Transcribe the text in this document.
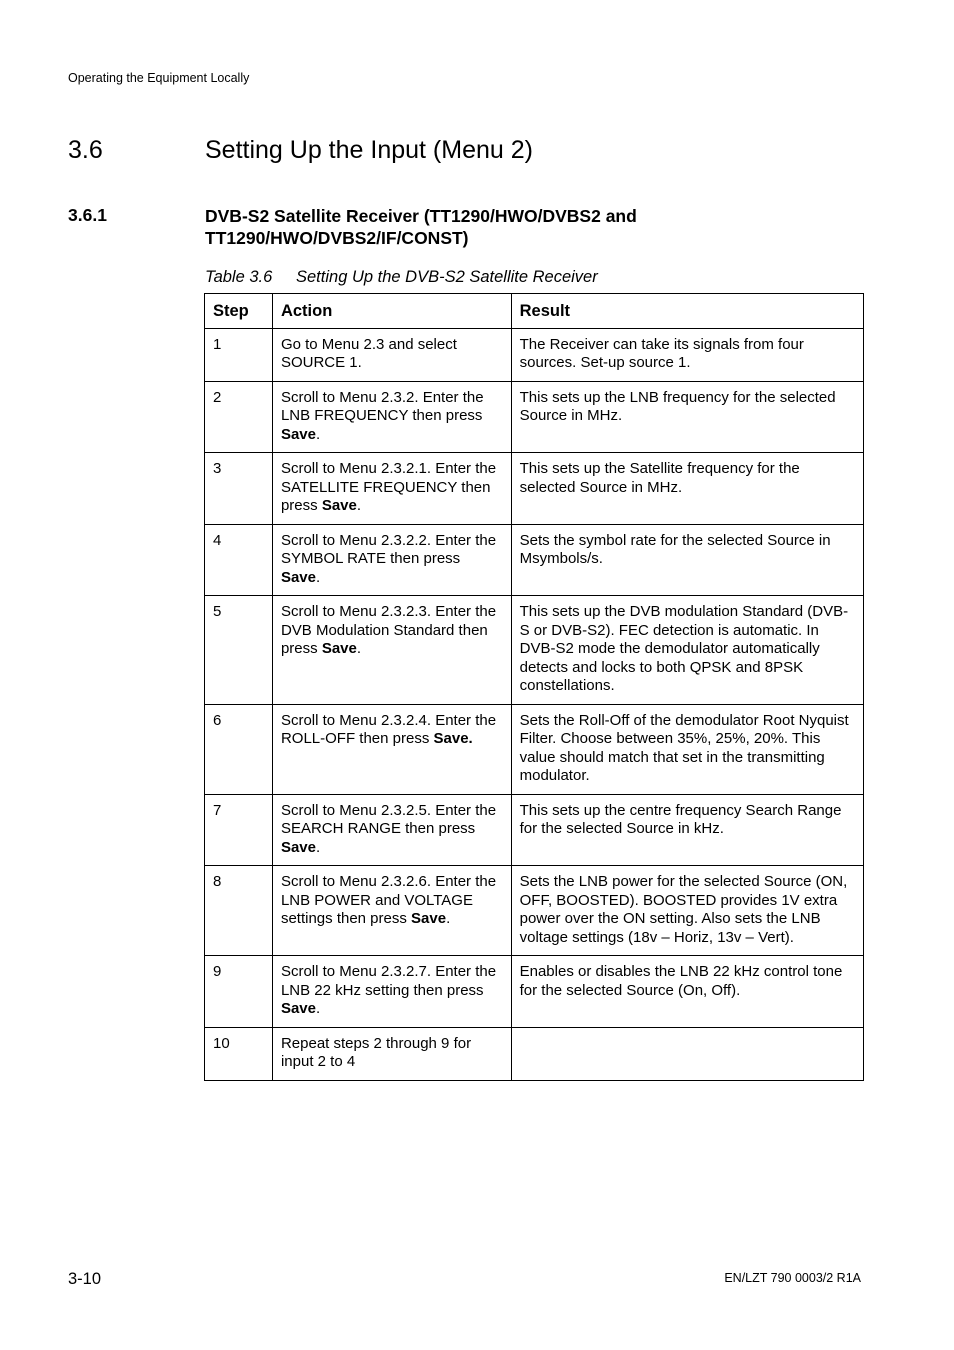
Operating the Equipment Locally
3.6	Setting Up the Input (Menu 2)
3.6.1	DVB-S2 Satellite Receiver (TT1290/HWO/DVBS2 and TT1290/HWO/DVBS2/IF/CONST)
Table 3.6 Setting Up the DVB-S2 Satellite Receiver
Step	Action	Result
1	Go to Menu 2.3 and select SOURCE 1.	The Receiver can take its signals from four sources. Set-up source 1.
2	Scroll to Menu 2.3.2. Enter the LNB FREQUENCY then press Save.	This sets up the LNB frequency for the selected Source in MHz.
3	Scroll to Menu 2.3.2.1. Enter the SATELLITE FREQUENCY then press Save.	This sets up the Satellite frequency for the selected Source in MHz.
4	Scroll to Menu 2.3.2.2. Enter the SYMBOL RATE then press Save.	Sets the symbol rate for the selected Source in Msymbols/s.
5	Scroll to Menu 2.3.2.3. Enter the DVB Modulation Standard then press Save.	This sets up the DVB modulation Standard (DVB-S or DVB-S2). FEC detection is automatic. In DVB-S2 mode the demodulator automatically detects and locks to both QPSK and 8PSK constellations.
6	Scroll to Menu 2.3.2.4. Enter the ROLL-OFF then press Save.	Sets the Roll-Off of the demodulator Root Nyquist Filter. Choose between 35%, 25%, 20%. This value should match that set in the transmitting modulator.
7	Scroll to Menu 2.3.2.5. Enter the SEARCH RANGE then press Save.	This sets up the centre frequency Search Range for the selected Source in kHz.
8	Scroll to Menu 2.3.2.6. Enter the LNB POWER and VOLTAGE settings then press Save.	Sets the LNB power for the selected Source (ON, OFF, BOOSTED). BOOSTED provides 1V extra power over the ON setting. Also sets the LNB voltage settings (18v – Horiz, 13v – Vert).
9	Scroll to Menu 2.3.2.7. Enter the LNB 22 kHz setting then press Save.	Enables or disables the LNB 22 kHz control tone for the selected Source (On, Off).
10	Repeat steps 2 through 9 for input 2 to 4	
3-10	EN/LZT 790 0003/2 R1A
